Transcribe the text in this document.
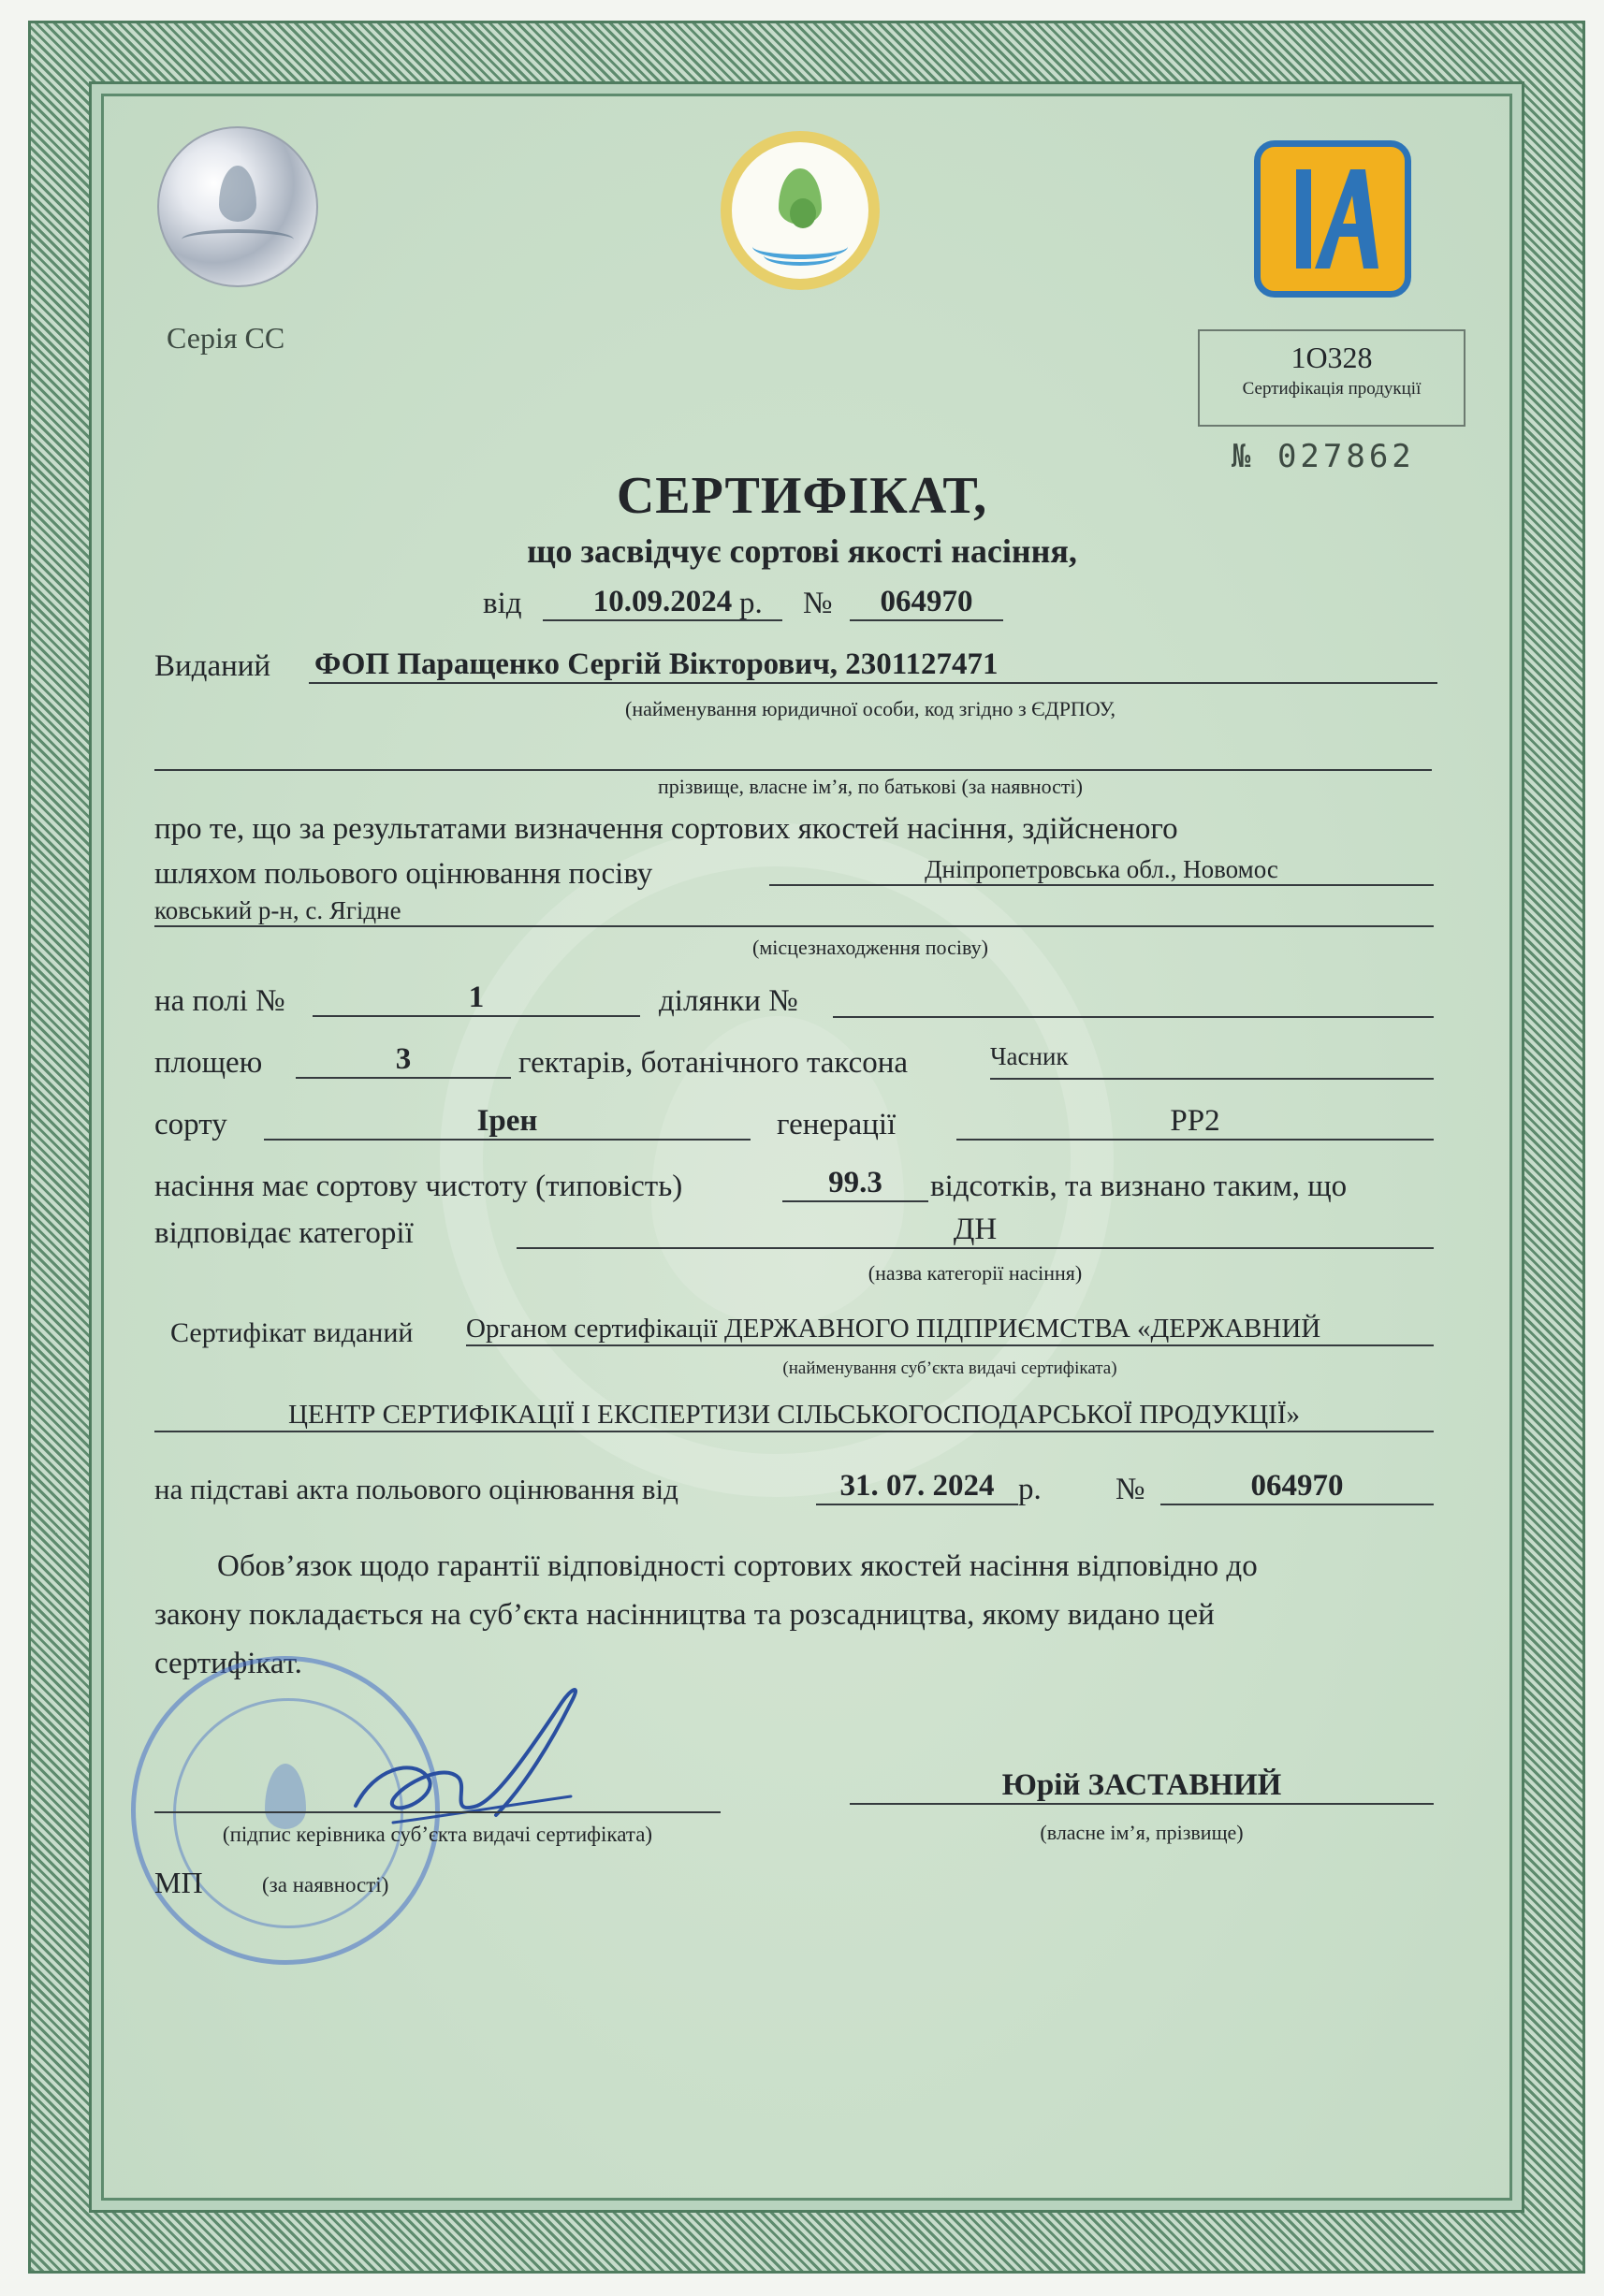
Серія СС
1O328
Сертифікація продукції
№ 027862
СЕРТИФІКАТ,
що засвідчує сортові якості насіння,
від	10.09.2024 р. №	064970
Виданий ФОП Паращенко Сергій Вікторович, 2301127471
(найменування юридичної особи, код згідно з ЄДРПОУ,
прізвище, власне ім’я, по батькові (за наявності)
про те, що за результатами визначення сортових якостей насіння, здійсненого
шляхом польового оцінювання посіву	Дніпропетровська обл., Новомос
ковський р-н, с. Ягідне
(місцезнаходження посіву)
на полі №	1	ділянки №
площею	3	гектарів, ботанічного таксона	Часник
сорту	Ірен	генерації	РР2
насіння має сортову чистоту (типовість)	99.3	відсотків, та визнано таким, що
відповідає категорії	ДН
(назва категорії насіння)
Сертифікат виданий Органом сертифікації ДЕРЖАВНОГО ПІДПРИЄМСТВА «ДЕРЖАВНИЙ
(найменування суб’єкта видачі сертифіката)
ЦЕНТР СЕРТИФІКАЦІЇ І ЕКСПЕРТИЗИ СІЛЬСЬКОГОСПОДАРСЬКОЇ ПРОДУКЦІЇ»
на підставі акта польового оцінювання від	31. 07. 2024 р. №	064970
Обов’язок щодо гарантії відповідності сортових якостей насіння відповідно до
закону покладається на суб’єкта насінництва та розсадництва, якому видано цей
сертифікат.
(підпис керівника суб’єкта видачі сертифіката)
МП	(за наявності)
Юрій ЗАСТАВНИЙ
(власне ім’я, прізвище)
